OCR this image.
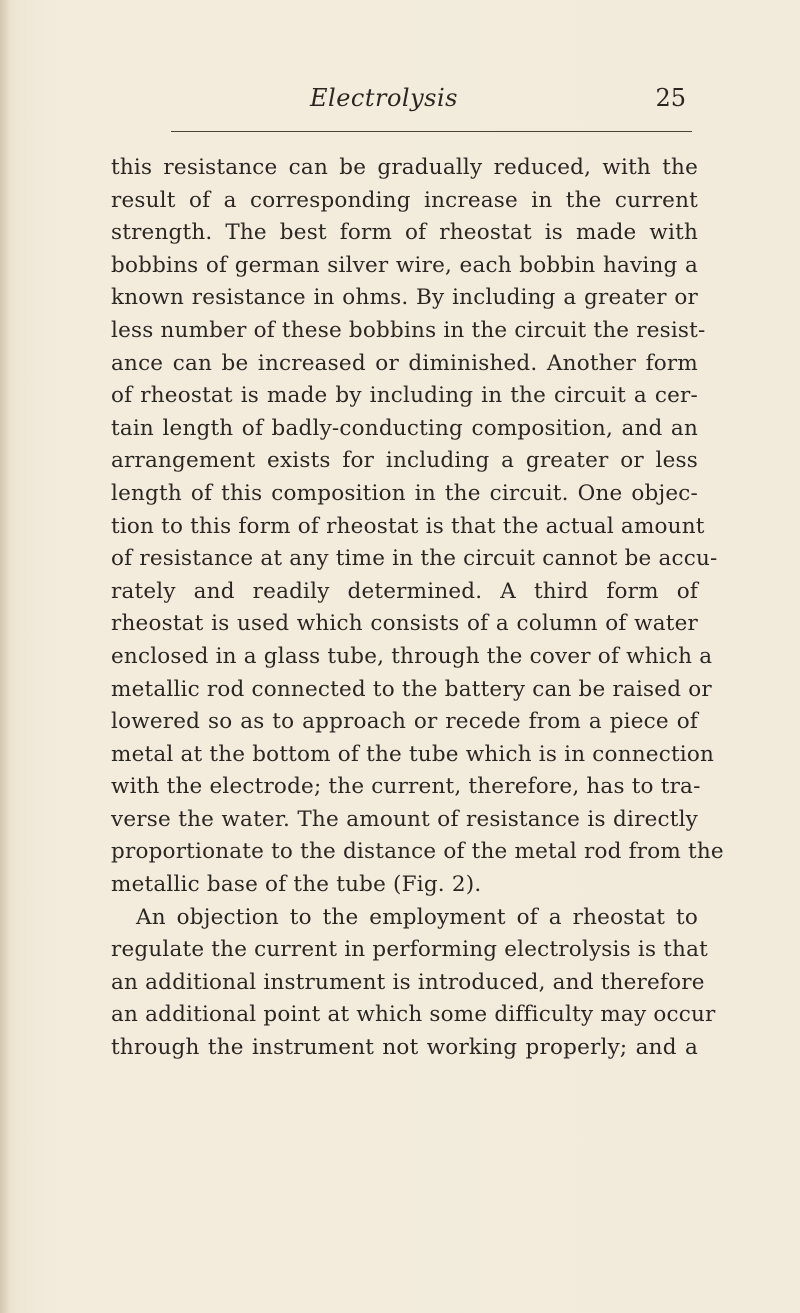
Electrolysis	25
this resistance can be gradually reduced, with the
result of a corresponding increase in the current
strength. The best form of rheostat is made with
bobbins of german silver wire, each bobbin having a
known resistance in ohms. By including a greater or
less number of these bobbins in the circuit the resist-
ance can be increased or diminished. Another form
of rheostat is made by including in the circuit a cer-
tain length of badly-conducting composition, and an
arrangement exists for including a greater or less
length of this composition in the circuit. One objec-
tion to this form of rheostat is that the actual amount
of resistance at any time in the circuit cannot be accu-
rately and readily determined. A third form of
rheostat is used which consists of a column of water
enclosed in a glass tube, through the cover of which a
metallic rod connected to the battery can be raised or
lowered so as to approach or recede from a piece of
metal at the bottom of the tube which is in connection
with the electrode; the current, therefore, has to tra-
verse the water. The amount of resistance is directly
proportionate to the distance of the metal rod from the
metallic base of the tube (Fig. 2).
An objection to the employment of a rheostat to
regulate the current in performing electrolysis is that
an additional instrument is introduced, and therefore
an additional point at which some difficulty may occur
through the instrument not working properly; and a
